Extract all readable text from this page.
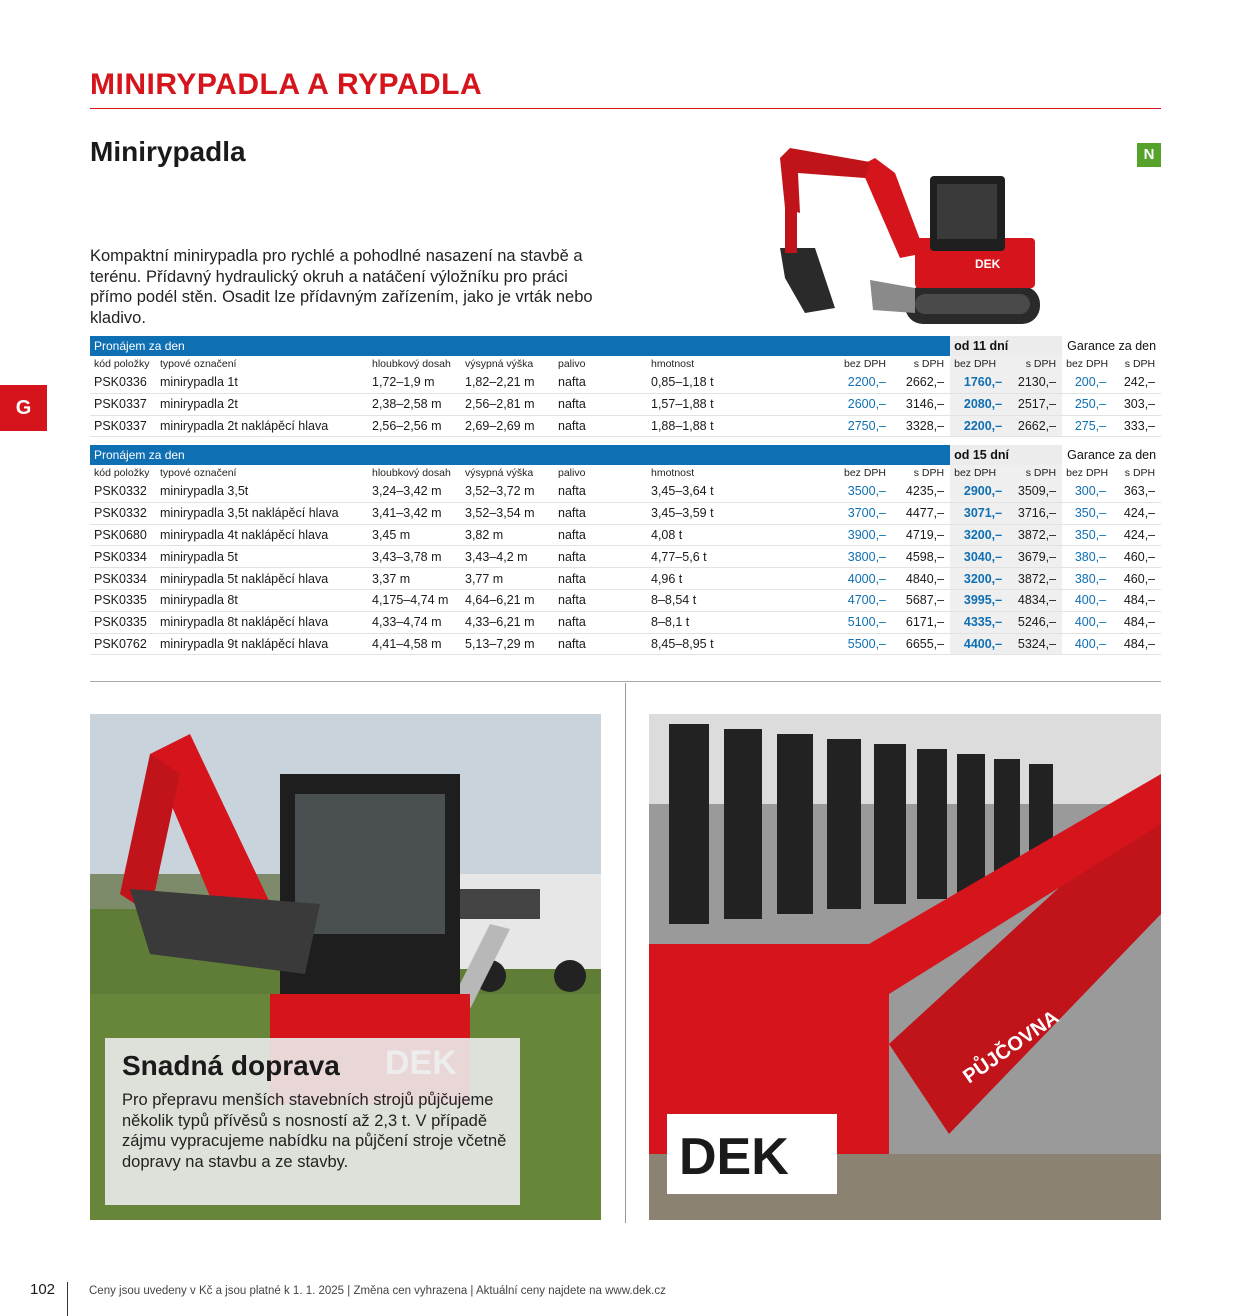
MINIRYPADLA A RYPADLA
Minirypadla	N
G
Kompaktní minirypadla pro rychlé a pohodlné nasazení na stavbě a terénu. Přídavný hydraulický okruh a natáčení výložníku pro práci přímo podél stěn. Osadit lze přídavným zařízením, jako je vrták nebo kladivo.
DEK
Pronájem za den								od 11 dní		Garance za den	
kód položky	typové označení	hloubkový dosah	výsypná výška	palivo	hmotnost	bez DPH	s DPH	bez DPH	s DPH	bez DPH	s DPH
PSK0336	minirypadla 1t	1,72–1,9 m	1,82–2,21 m	nafta	0,85–1,18 t	2200,–	2662,–	1760,–	2130,–	200,–	242,–
PSK0337	minirypadla 2t	2,38–2,58 m	2,56–2,81 m	nafta	1,57–1,88 t	2600,–	3146,–	2080,–	2517,–	250,–	303,–
PSK0337	minirypadla 2t naklápěcí hlava	2,56–2,56 m	2,69–2,69 m	nafta	1,88–1,88 t	2750,–	3328,–	2200,–	2662,–	275,–	333,–
Pronájem za den								od 15 dní		Garance za den	
kód položky	typové označení	hloubkový dosah	výsypná výška	palivo	hmotnost	bez DPH	s DPH	bez DPH	s DPH	bez DPH	s DPH
PSK0332	minirypadla 3,5t	3,24–3,42 m	3,52–3,72 m	nafta	3,45–3,64 t	3500,–	4235,–	2900,–	3509,–	300,–	363,–
PSK0332	minirypadla 3,5t naklápěcí hlava	3,41–3,42 m	3,52–3,54 m	nafta	3,45–3,59 t	3700,–	4477,–	3071,–	3716,–	350,–	424,–
PSK0680	minirypadla 4t naklápěcí hlava	3,45 m	3,82 m	nafta	4,08 t	3900,–	4719,–	3200,–	3872,–	350,–	424,–
PSK0334	minirypadla 5t	3,43–3,78 m	3,43–4,2 m	nafta	4,77–5,6 t	3800,–	4598,–	3040,–	3679,–	380,–	460,–
PSK0334	minirypadla 5t naklápěcí hlava	3,37 m	3,77 m	nafta	4,96 t	4000,–	4840,–	3200,–	3872,–	380,–	460,–
PSK0335	minirypadla 8t	4,175–4,74 m	4,64–6,21 m	nafta	8–8,54 t	4700,–	5687,–	3995,–	4834,–	400,–	484,–
PSK0335	minirypadla 8t naklápěcí hlava	4,33–4,74 m	4,33–6,21 m	nafta	8–8,1 t	5100,–	6171,–	4335,–	5246,–	400,–	484,–
PSK0762	minirypadla 9t naklápěcí hlava	4,41–4,58 m	5,13–7,29 m	nafta	8,45–8,95 t	5500,–	6655,–	4400,–	5324,–	400,–	484,–
DEK
PŮJČOVNA
Snadná doprava
Pro přepravu menších stavebních strojů půjčujeme několik typů přívěsů s nosností až 2,3 t. V případě zájmu vypracujeme nabídku na půjčení stroje včetně dopravy na stavbu a ze stavby.
102	Ceny jsou uvedeny v Kč a jsou platné k 1. 1. 2025 | Změna cen vyhrazena | Aktuální ceny najdete na www.dek.cz
